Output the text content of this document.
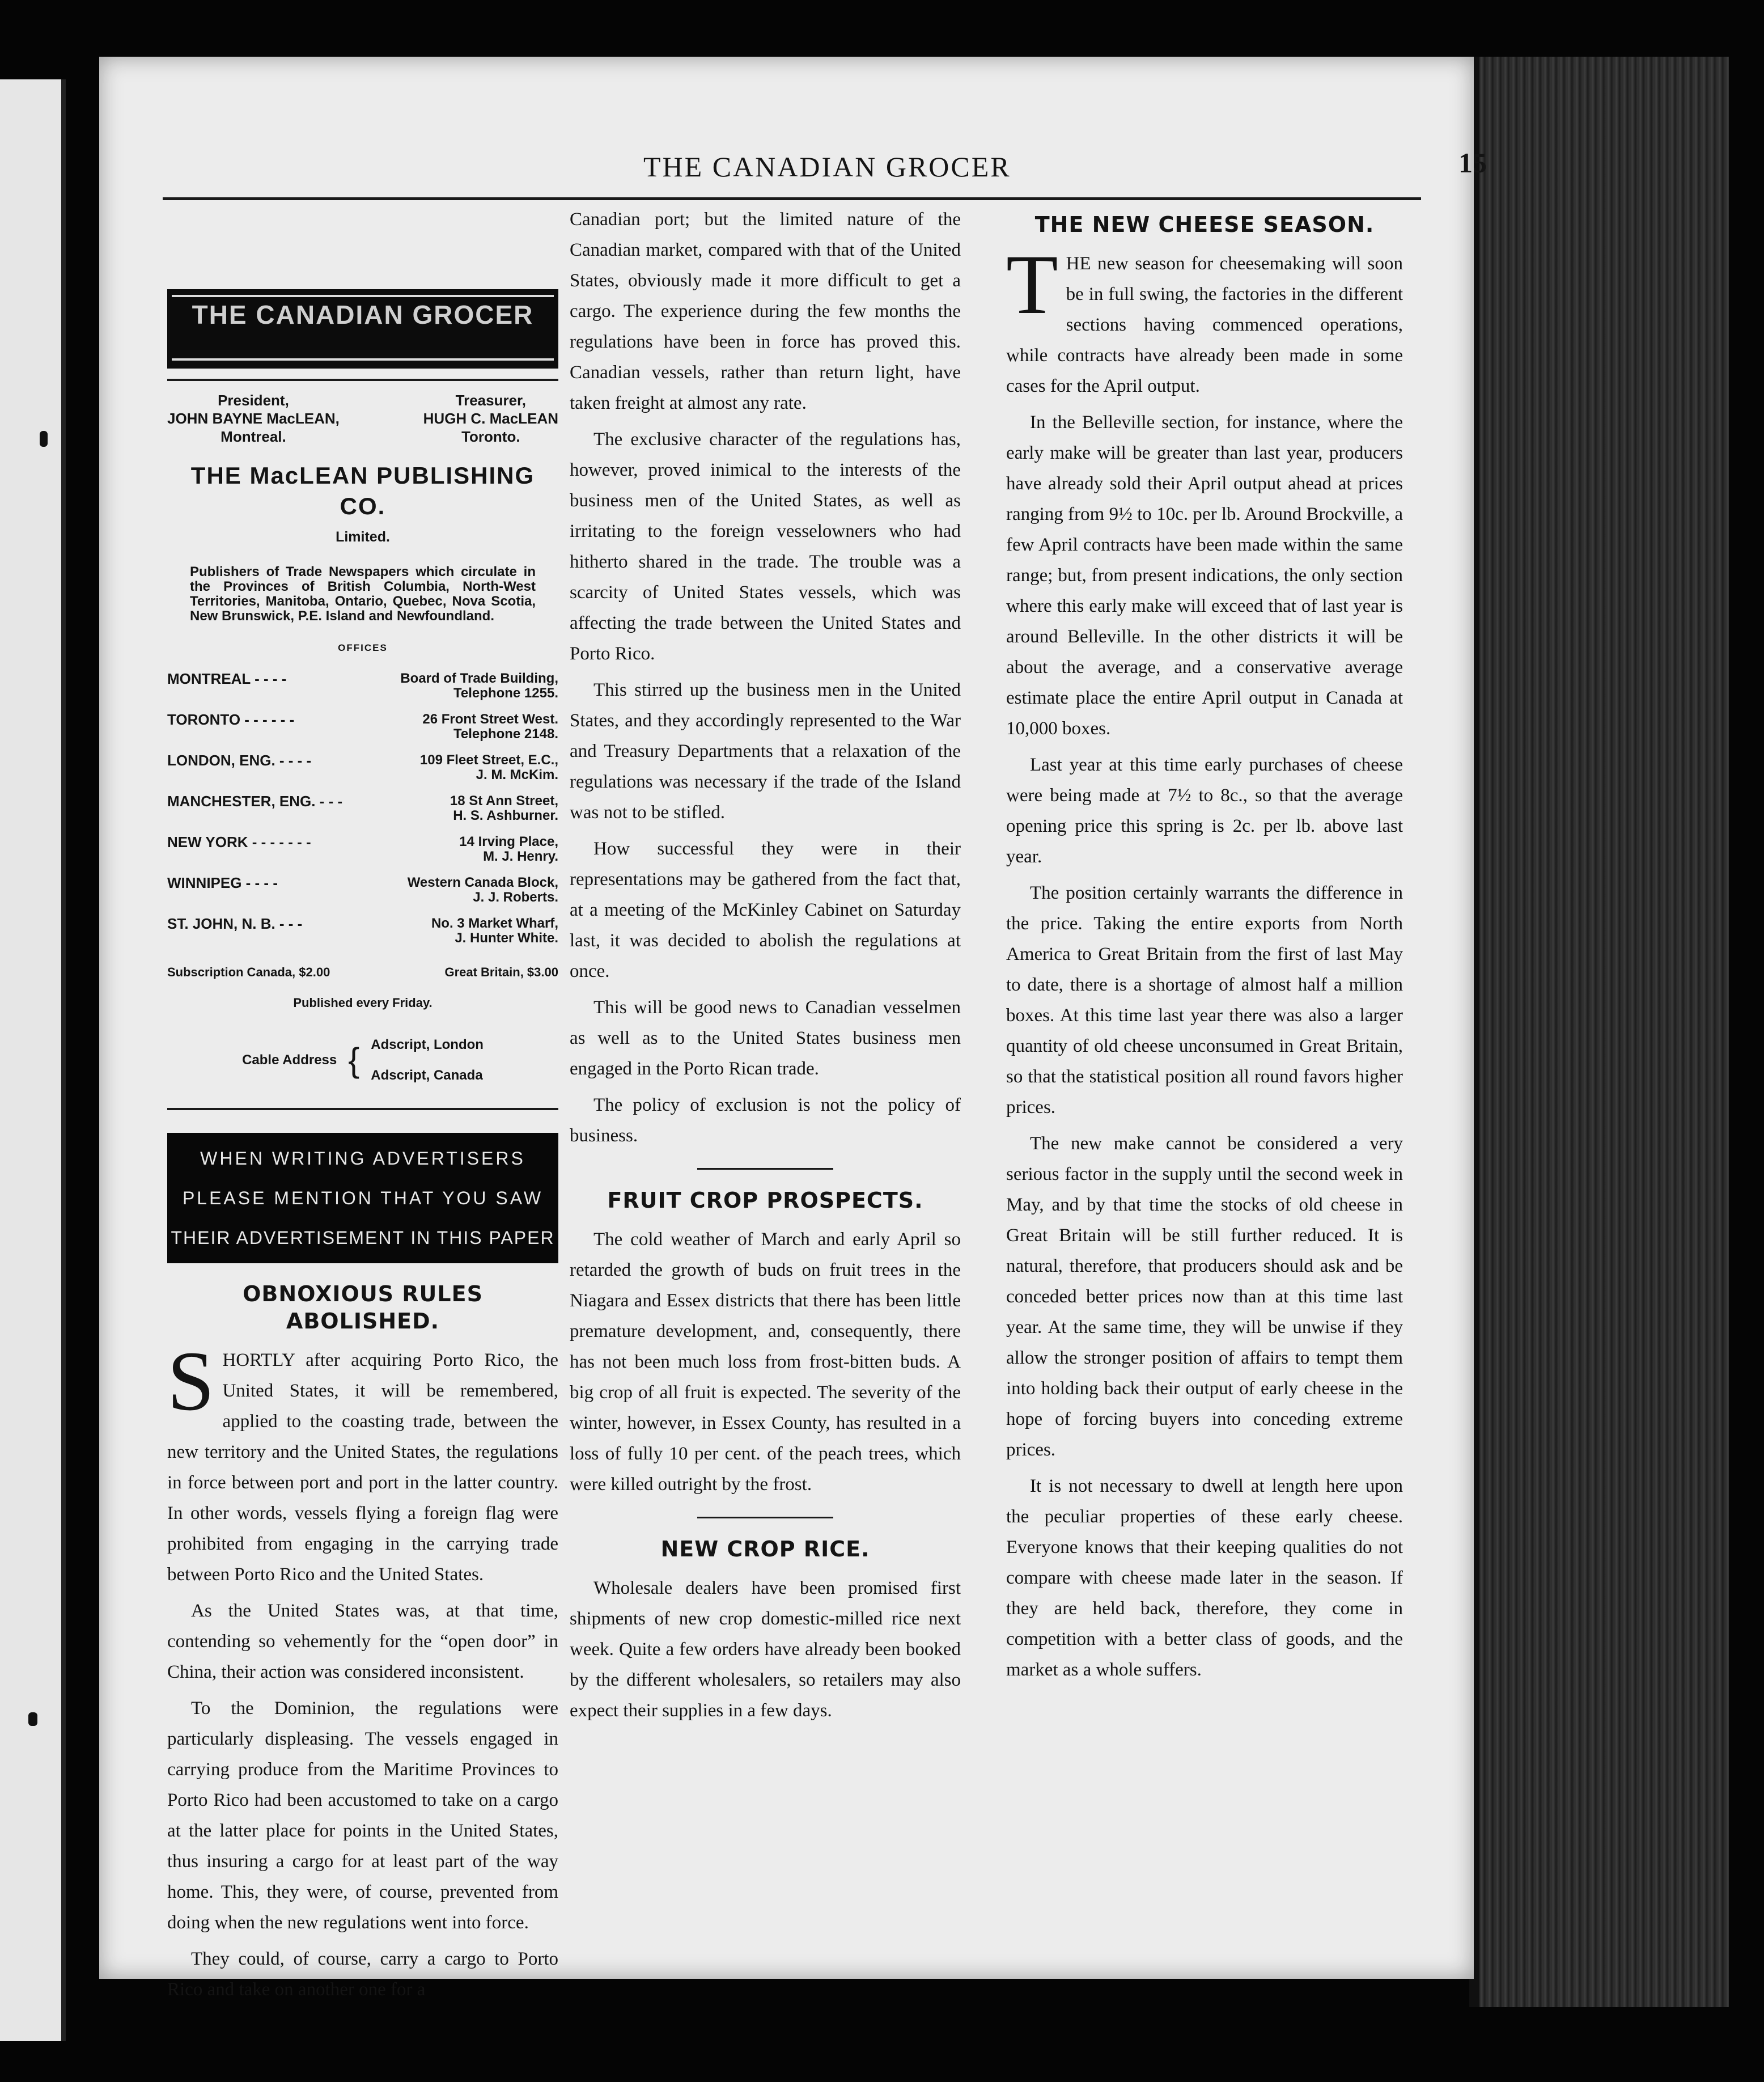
THE CANADIAN GROCER	15
THE CANADIAN GROCER
President,
JOHN BAYNE MacLEAN,
Montreal.
Treasurer,
HUGH C. MacLEAN
Toronto.
THE MacLEAN PUBLISHING CO.
Limited.
Publishers of Trade Newspapers which circulate in the Provinces of British Columbia, North-West Territories, Manitoba, Ontario, Quebec, Nova Scotia, New Brunswick, P.E. Island and Newfoundland.
OFFICES
MONTREAL - - - -	Board of Trade Building,
Telephone 1255.
TORONTO - - - - - -	26 Front Street West.
Telephone 2148.
LONDON, ENG. - - - -	109 Fleet Street, E.C.,
J. M. McKim.
MANCHESTER, ENG. - - -	18 St Ann Street,
H. S. Ashburner.
NEW YORK - - - - - - -	14 Irving Place,
M. J. Henry.
WINNIPEG - - - -	Western Canada Block,
J. J. Roberts.
ST. JOHN, N. B. - - -	No. 3 Market Wharf,
J. Hunter White.
Subscription Canada, $2.00	Great Britain, $3.00
Published every Friday.
Cable Address { Adscript, London
Adscript, Canada
WHEN WRITING ADVERTISERS
PLEASE MENTION THAT YOU SAW
THEIR ADVERTISEMENT IN THIS PAPER
OBNOXIOUS RULES ABOLISHED.

SHORTLY after acquiring Porto Rico, the United States, it will be remembered, applied to the coasting trade, between the new territory and the United States, the regulations in force between port and port in the latter country. In other words, vessels flying a foreign flag were prohibited from engaging in the carrying trade between Porto Rico and the United States.

As the United States was, at that time, contending so vehemently for the “open door” in China, their action was considered inconsistent.

To the Dominion, the regulations were particularly displeasing. The vessels engaged in carrying produce from the Maritime Provinces to Porto Rico had been accustomed to take on a cargo at the latter place for points in the United States, thus insuring a cargo for at least part of the way home. This, they were, of course, prevented from doing when the new regulations went into force.

They could, of course, carry a cargo to Porto Rico and take on another one for a

Canadian port; but the limited nature of the Canadian market, compared with that of the United States, obviously made it more difficult to get a cargo. The experience during the few months the regulations have been in force has proved this. Canadian vessels, rather than return light, have taken freight at almost any rate.

The exclusive character of the regulations has, however, proved inimical to the interests of the business men of the United States, as well as irritating to the foreign vesselowners who had hitherto shared in the trade. The trouble was a scarcity of United States vessels, which was affecting the trade between the United States and Porto Rico.

This stirred up the business men in the United States, and they accordingly represented to the War and Treasury Departments that a relaxation of the regulations was necessary if the trade of the Island was not to be stifled.

How successful they were in their representations may be gathered from the fact that, at a meeting of the McKinley Cabinet on Saturday last, it was decided to abolish the regulations at once.

This will be good news to Canadian vesselmen as well as to the United States business men engaged in the Porto Rican trade.

The policy of exclusion is not the policy of business.

FRUIT CROP PROSPECTS.

The cold weather of March and early April so retarded the growth of buds on fruit trees in the Niagara and Essex districts that there has been little premature development, and, consequently, there has not been much loss from frost-bitten buds. A big crop of all fruit is expected. The severity of the winter, however, in Essex County, has resulted in a loss of fully 10 per cent. of the peach trees, which were killed outright by the frost.

NEW CROP RICE.

Wholesale dealers have been promised first shipments of new crop domestic-milled rice next week. Quite a few orders have already been booked by the different wholesalers, so retailers may also expect their supplies in a few days.

THE NEW CHEESE SEASON.

THE new season for cheesemaking will soon be in full swing, the factories in the different sections having commenced operations, while contracts have already been made in some cases for the April output.

In the Belleville section, for instance, where the early make will be greater than last year, producers have already sold their April output ahead at prices ranging from 9½ to 10c. per lb. Around Brockville, a few April contracts have been made within the same range; but, from present indications, the only section where this early make will exceed that of last year is around Belleville. In the other districts it will be about the average, and a conservative average estimate place the entire April output in Canada at 10,000 boxes.

Last year at this time early purchases of cheese were being made at 7½ to 8c., so that the average opening price this spring is 2c. per lb. above last year.

The position certainly warrants the difference in the price. Taking the entire exports from North America to Great Britain from the first of last May to date, there is a shortage of almost half a million boxes. At this time last year there was also a larger quantity of old cheese unconsumed in Great Britain, so that the statistical position all round favors higher prices.

The new make cannot be considered a very serious factor in the supply until the second week in May, and by that time the stocks of old cheese in Great Britain will be still further reduced. It is natural, therefore, that producers should ask and be conceded better prices now than at this time last year. At the same time, they will be unwise if they allow the stronger position of affairs to tempt them into holding back their output of early cheese in the hope of forcing buyers into conceding extreme prices.

It is not necessary to dwell at length here upon the peculiar properties of these early cheese. Everyone knows that their keeping qualities do not compare with cheese made later in the season. If they are held back, therefore, they come in competition with a better class of goods, and the market as a whole suffers.
